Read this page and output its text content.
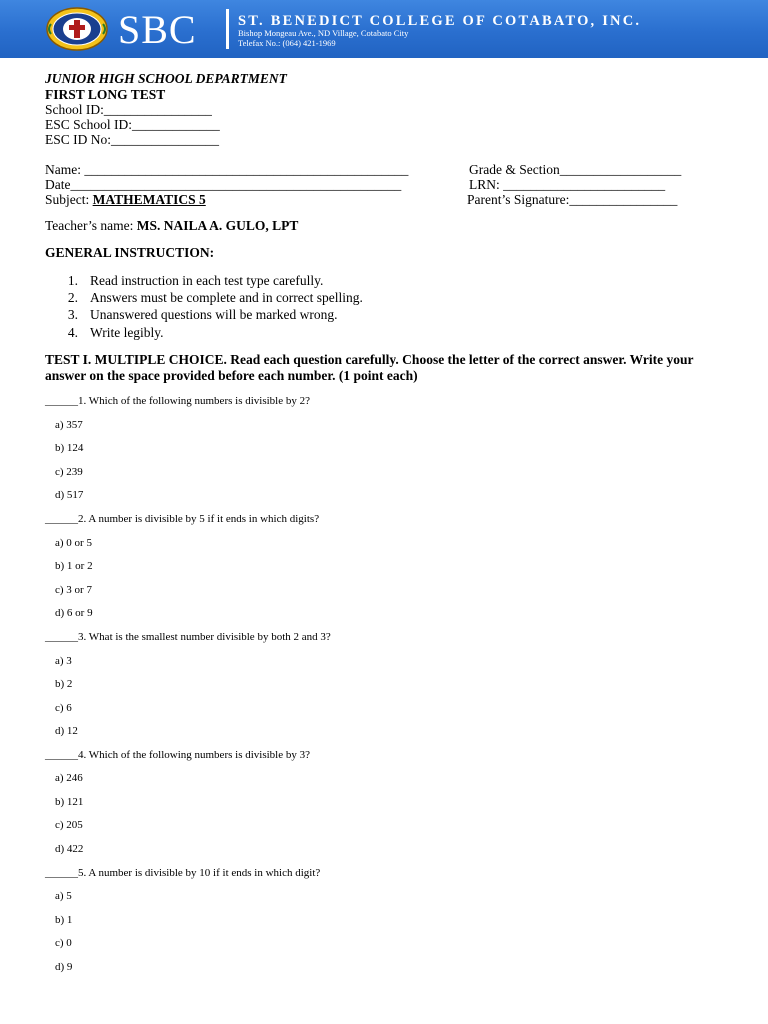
SBC	ST. BENEDICT COLLEGE OF COTABATO, INC.
Bishop Mongeau Ave., ND Village, Cotabato City
Telefax No.: (064) 421-1969
JUNIOR HIGH SCHOOL DEPARTMENT
FIRST LONG TEST
School ID:________________
ESC School ID:_____________
ESC ID No:________________
Name: ________________________________________________	Grade & Section__________________
Date_________________________________________________	LRN: ________________________
Subject: MATHEMATICS 5	Parent’s Signature:________________
Teacher’s name: MS. NAILA A. GULO, LPT
GENERAL INSTRUCTION:
1. Read instruction in each test type carefully.
2. Answers must be complete and in correct spelling.
3. Unanswered questions will be marked wrong.
4. Write legibly.
TEST I. MULTIPLE CHOICE. Read each question carefully. Choose the letter of the correct answer. Write your
answer on the space provided before each number. (1 point each)
______1. Which of the following numbers is divisible by 2?
a) 357
b) 124
c) 239
d) 517
______2. A number is divisible by 5 if it ends in which digits?
a) 0 or 5
b) 1 or 2
c) 3 or 7
d) 6 or 9
______3. What is the smallest number divisible by both 2 and 3?
a) 3
b) 2
c) 6
d) 12
______4. Which of the following numbers is divisible by 3?
a) 246
b) 121
c) 205
d) 422
______5. A number is divisible by 10 if it ends in which digit?
a) 5
b) 1
c) 0
d) 9
